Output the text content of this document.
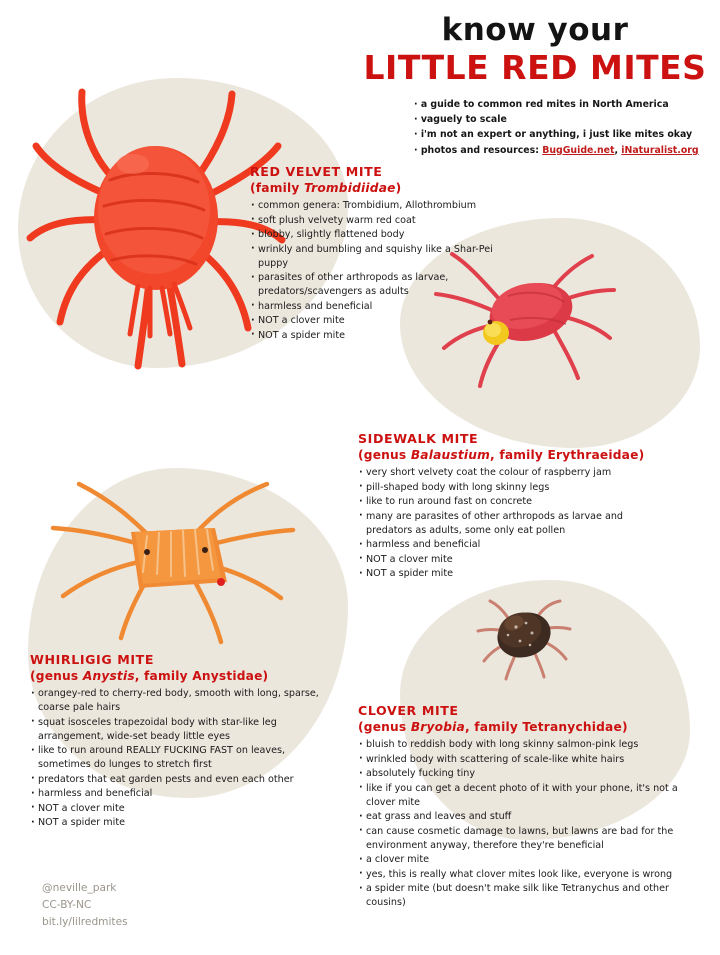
know your
LITTLE RED MITES
· a guide to common red mites in North America
· vaguely to scale
· i'm not an expert or anything, i just like mites okay
· photos and resources: BugGuide.net, iNaturalist.org
RED VELVET MITE
(family Trombidiidae)
· common genera: Trombidium, Allothrombium
· soft plush velvety warm red coat
· blobby, slightly flattened body
· wrinkly and bumbling and squishy like a Shar-Pei puppy
· parasites of other arthropods as larvae, predators/scavengers as adults
· harmless and beneficial
· NOT a clover mite
· NOT a spider mite
SIDEWALK MITE
(genus Balaustium, family Erythraeidae)
· very short velvety coat the colour of raspberry jam
· pill-shaped body with long skinny legs
· like to run around fast on concrete
· many are parasites of other arthropods as larvae and predators as adults, some only eat pollen
· harmless and beneficial
· NOT a clover mite
· NOT a spider mite
WHIRLIGIG MITE
(genus Anystis, family Anystidae)
· orangey-red to cherry-red body, smooth with long, sparse, coarse pale hairs
· squat isosceles trapezoidal body with star-like leg arrangement, wide-set beady little eyes
· like to run around REALLY FUCKING FAST on leaves, sometimes do lunges to stretch first
· predators that eat garden pests and even each other
· harmless and beneficial
· NOT a clover mite
· NOT a spider mite
CLOVER MITE
(genus Bryobia, family Tetranychidae)
· bluish to reddish body with long skinny salmon-pink legs
· wrinkled body with scattering of scale-like white hairs
· absolutely fucking tiny
· like if you can get a decent photo of it with your phone, it's not a clover mite
· eat grass and leaves and stuff
· can cause cosmetic damage to lawns, but lawns are bad for the environment anyway, therefore they're beneficial
· a clover mite
· yes, this is really what clover mites look like, everyone is wrong
· a spider mite (but doesn't make silk like Tetranychus and other cousins)
@neville_park
CC-BY-NC
bit.ly/lilredmites
